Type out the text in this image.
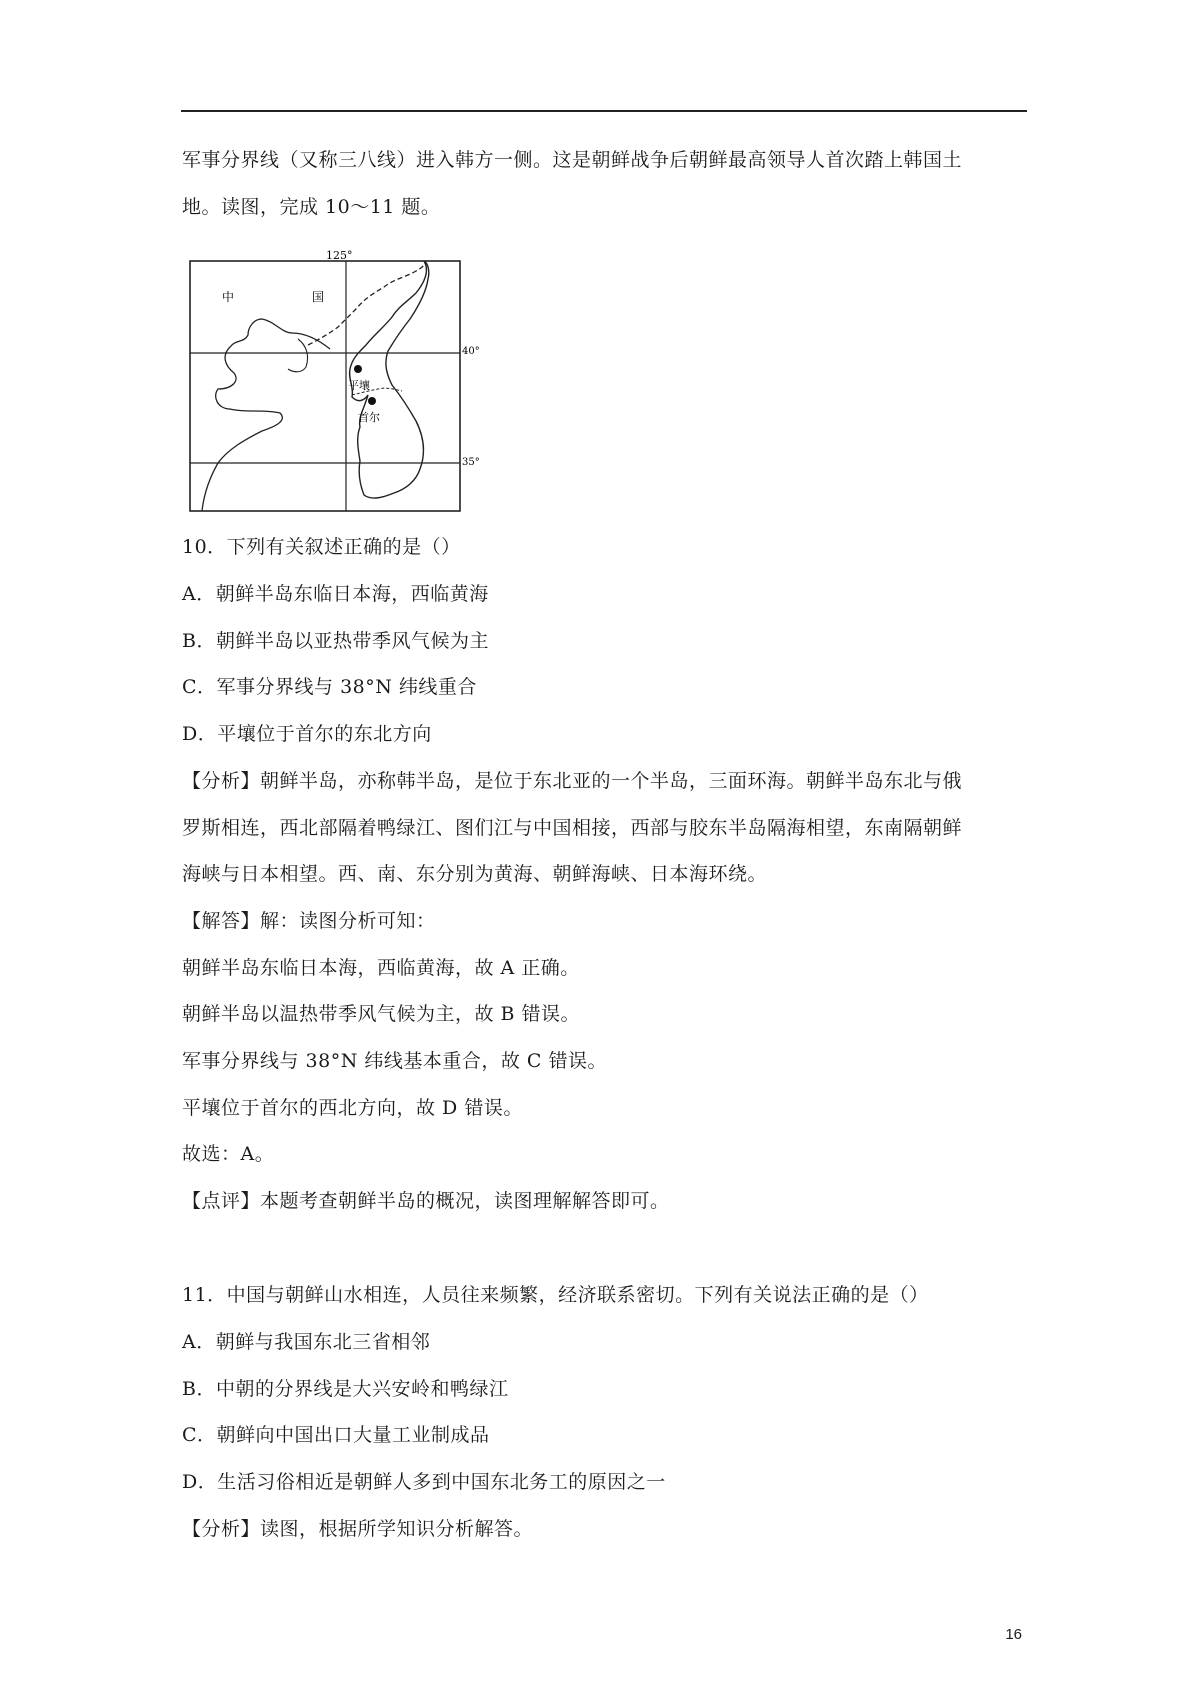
军事分界线（又称三八线）进入韩方一侧。这是朝鲜战争后朝鲜最高领导人首次踏上韩国土
地。读图，完成 10～11 题。
125°
40°
35°
中	国
平壤
首尔
10．下列有关叙述正确的是（）
A．朝鲜半岛东临日本海，西临黄海
B．朝鲜半岛以亚热带季风气候为主
C．军事分界线与 38°N 纬线重合
D．平壤位于首尔的东北方向
【分析】朝鲜半岛，亦称韩半岛，是位于东北亚的一个半岛，三面环海。朝鲜半岛东北与俄
罗斯相连，西北部隔着鸭绿江、图们江与中国相接，西部与胶东半岛隔海相望，东南隔朝鲜
海峡与日本相望。西、南、东分别为黄海、朝鲜海峡、日本海环绕。
【解答】解：读图分析可知：
朝鲜半岛东临日本海，西临黄海，故 A 正确。
朝鲜半岛以温热带季风气候为主，故 B 错误。
军事分界线与 38°N 纬线基本重合，故 C 错误。
平壤位于首尔的西北方向，故 D 错误。
故选：A。
【点评】本题考查朝鲜半岛的概况，读图理解解答即可。
11．中国与朝鲜山水相连，人员往来频繁，经济联系密切。下列有关说法正确的是（）
A．朝鲜与我国东北三省相邻
B．中朝的分界线是大兴安岭和鸭绿江
C．朝鲜向中国出口大量工业制成品
D．生活习俗相近是朝鲜人多到中国东北务工的原因之一
【分析】读图，根据所学知识分析解答。
16
